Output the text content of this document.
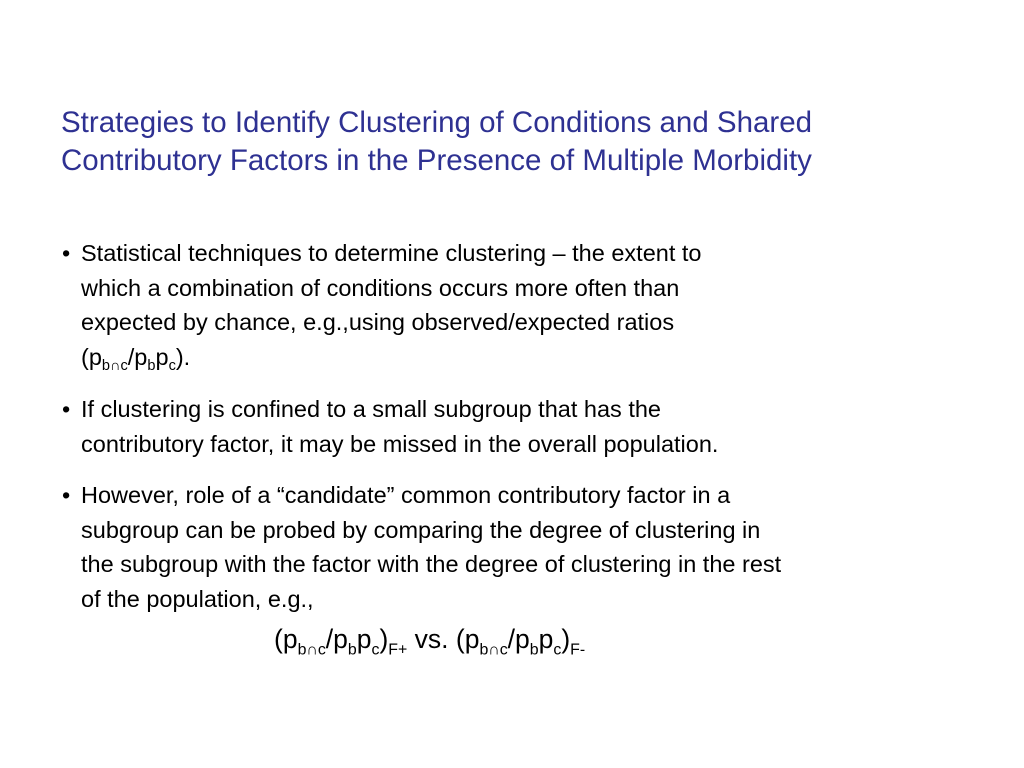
Strategies to Identify Clustering of Conditions and Shared
Contributory Factors in the Presence of Multiple Morbidity
• Statistical techniques to determine clustering – the extent to
which a combination of conditions occurs more often than
expected by chance, e.g.,using observed/expected ratios
$(p_{b\cap c}/p_bp_c)$.
• If clustering is confined to a small subgroup that has the
contributory factor, it may be missed in the overall population.
• However, role of a “candidate” common contributory factor in a
subgroup can be probed by comparing the degree of clustering in
the subgroup with the factor with the degree of clustering in the rest
of the population, e.g.,
$(p_{b\cap c}/p_bp_c)_{F+}$ vs. $(p_{b\cap c}/p_bp_c)_{F-}$
